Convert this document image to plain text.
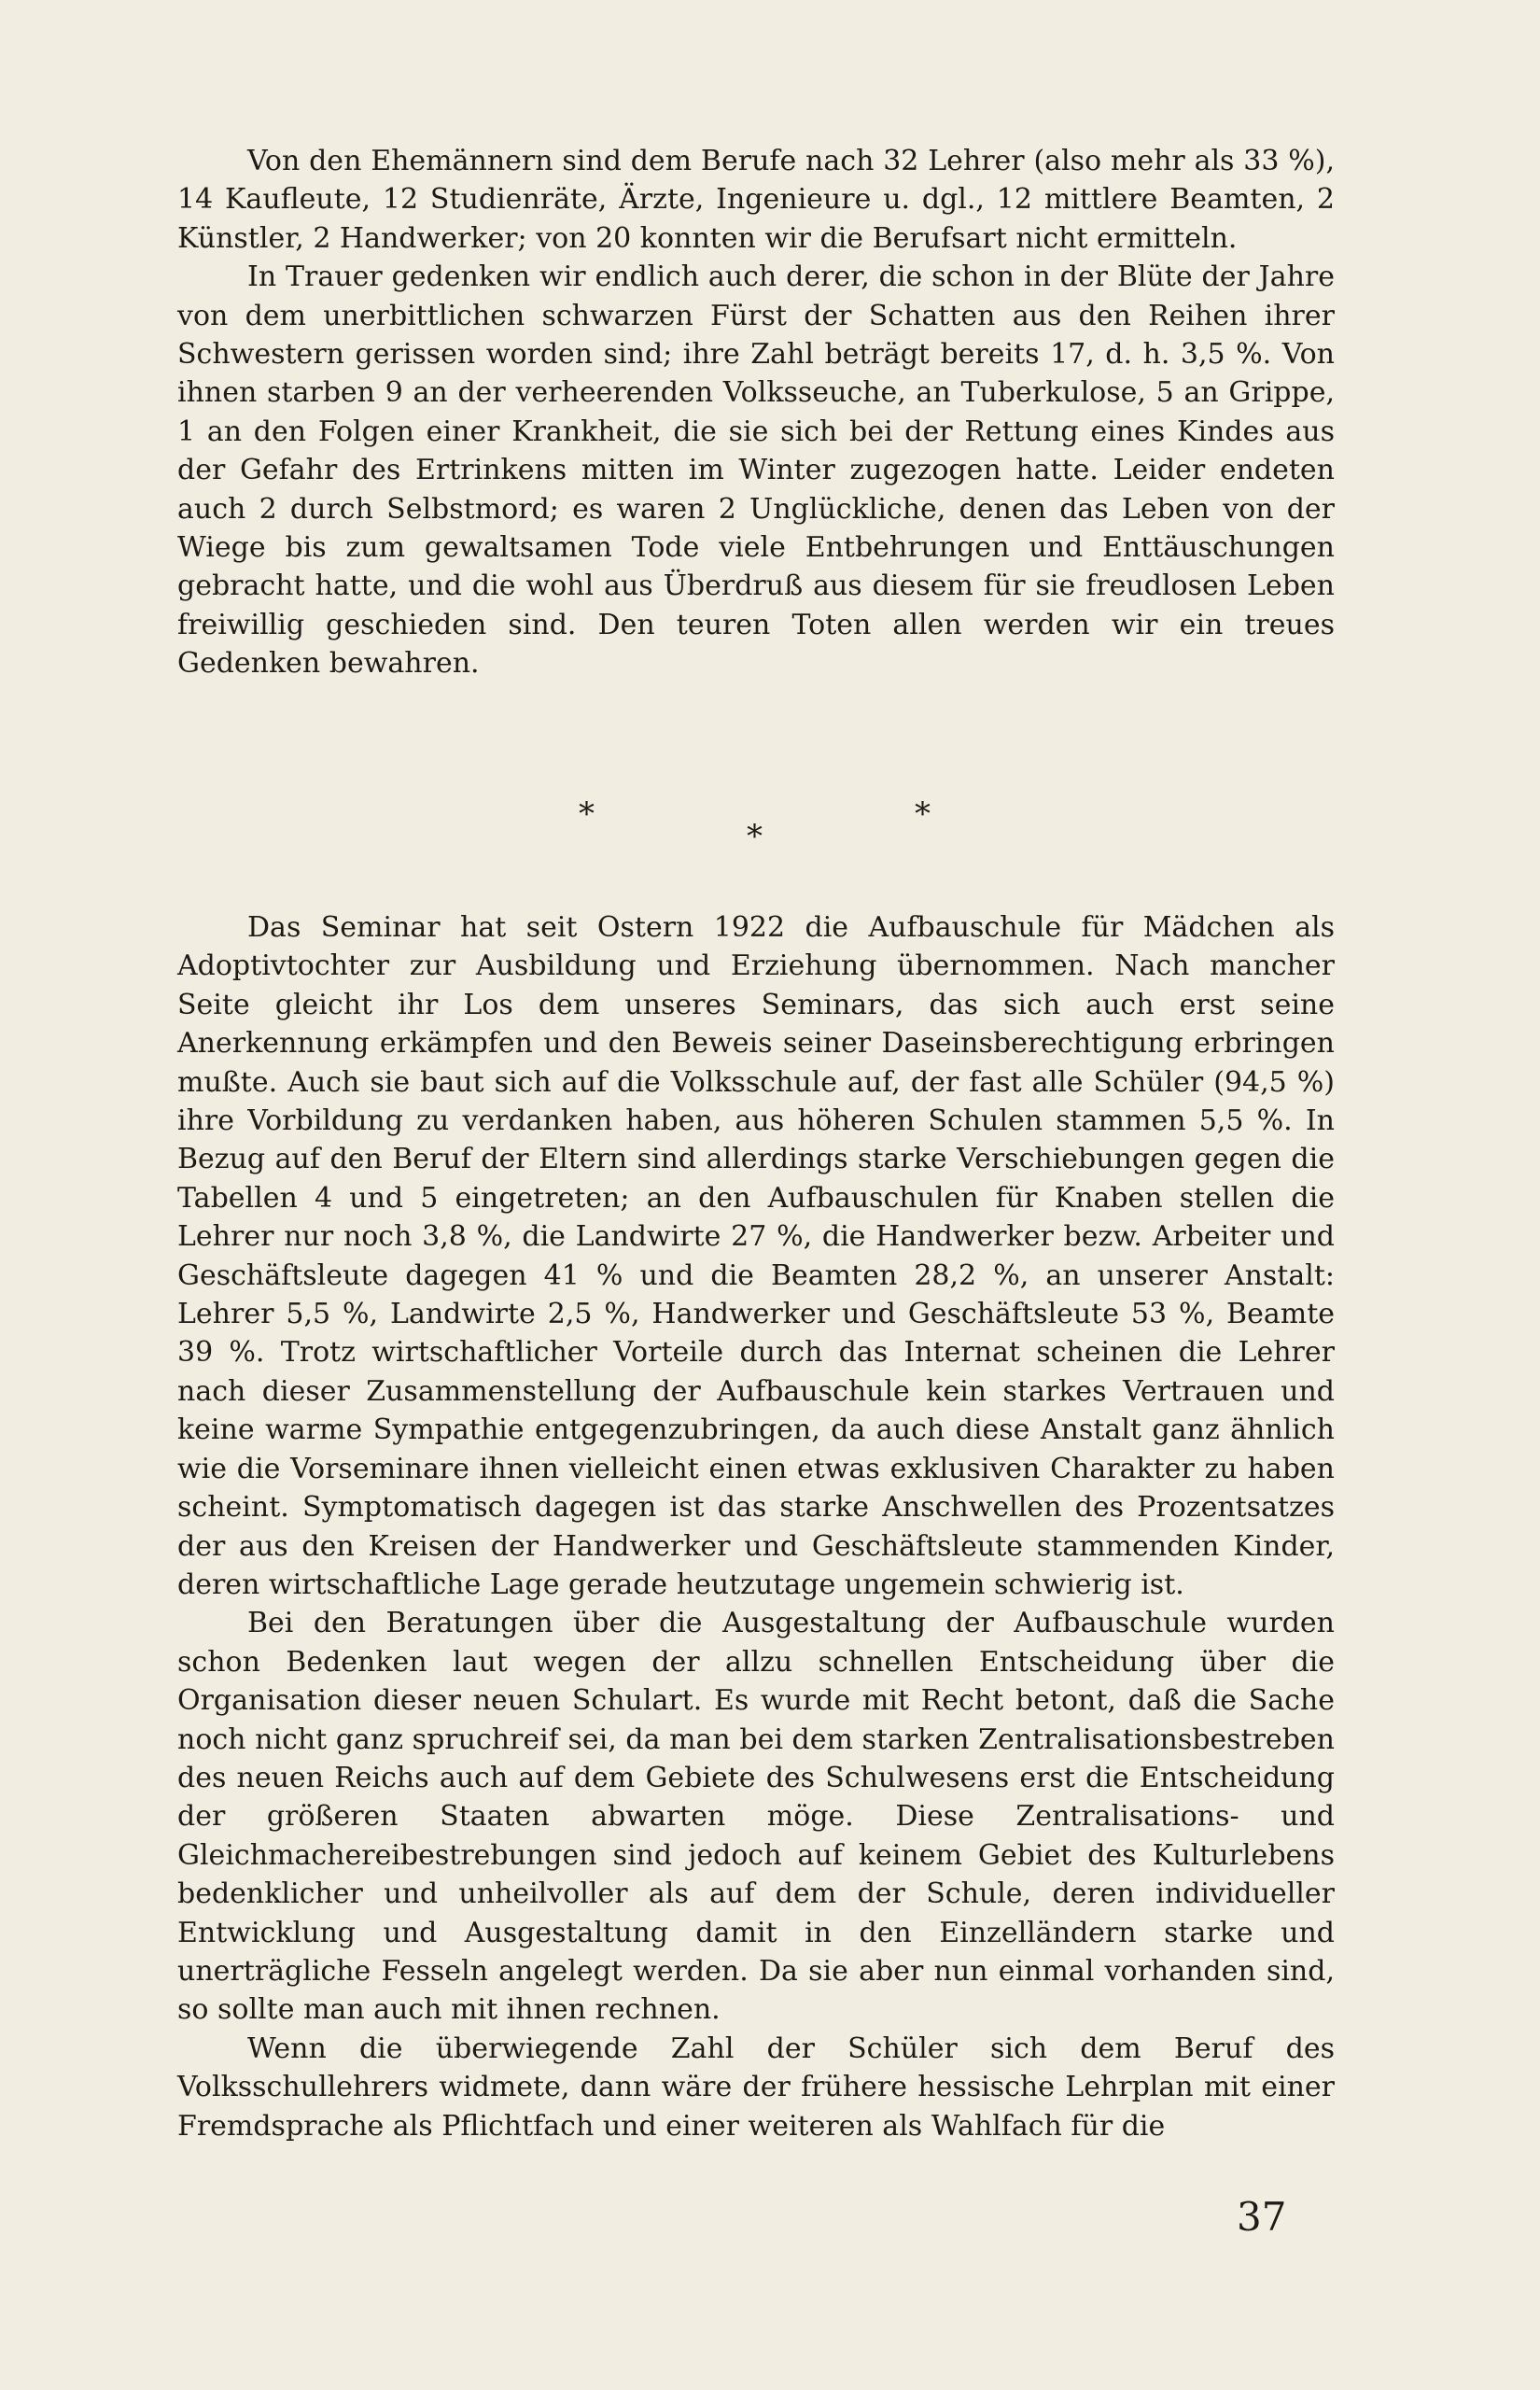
Von den Ehemännern sind dem Berufe nach 32 Lehrer (also mehr als 33 %), 14 Kaufleute, 12 Studienräte, Ärzte, Ingenieure u. dgl., 12 mittlere Beamten, 2 Künstler, 2 Handwerker; von 20 konnten wir die Berufsart nicht ermitteln.

In Trauer gedenken wir endlich auch derer, die schon in der Blüte der Jahre von dem unerbittlichen schwarzen Fürst der Schatten aus den Reihen ihrer Schwestern gerissen worden sind; ihre Zahl beträgt bereits 17, d. h. 3,5 %. Von ihnen starben 9 an der verheerenden Volksseuche, an Tuberkulose, 5 an Grippe, 1 an den Folgen einer Krankheit, die sie sich bei der Rettung eines Kindes aus der Gefahr des Ertrinkens mitten im Winter zugezogen hatte. Leider endeten auch 2 durch Selbstmord; es waren 2 Unglückliche, denen das Leben von der Wiege bis zum gewaltsamen Tode viele Entbehrungen und Enttäuschungen gebracht hatte, und die wohl aus Überdruß aus diesem für sie freudlosen Leben freiwillig geschieden sind. Den teuren Toten allen werden wir ein treues Gedenken bewahren.

*
*
*

Das Seminar hat seit Ostern 1922 die Aufbauschule für Mädchen als Adoptivtochter zur Ausbildung und Erziehung übernommen. Nach mancher Seite gleicht ihr Los dem unseres Seminars, das sich auch erst seine Anerkennung erkämpfen und den Beweis seiner Daseinsberechtigung erbringen mußte. Auch sie baut sich auf die Volksschule auf, der fast alle Schüler (94,5 %) ihre Vorbildung zu verdanken haben, aus höheren Schulen stammen 5,5 %. In Bezug auf den Beruf der Eltern sind allerdings starke Verschiebungen gegen die Tabellen 4 und 5 eingetreten; an den Aufbauschulen für Knaben stellen die Lehrer nur noch 3,8 %, die Landwirte 27 %, die Handwerker bezw. Arbeiter und Geschäftsleute dagegen 41 % und die Beamten 28,2 %, an unserer Anstalt: Lehrer 5,5 %, Landwirte 2,5 %, Handwerker und Geschäftsleute 53 %, Beamte 39 %. Trotz wirtschaftlicher Vorteile durch das Internat scheinen die Lehrer nach dieser Zusammenstellung der Aufbauschule kein starkes Vertrauen und keine warme Sympathie entgegenzubringen, da auch diese Anstalt ganz ähnlich wie die Vorseminare ihnen vielleicht einen etwas exklusiven Charakter zu haben scheint. Symptomatisch dagegen ist das starke Anschwellen des Prozentsatzes der aus den Kreisen der Handwerker und Geschäftsleute stammenden Kinder, deren wirtschaftliche Lage gerade heutzutage ungemein schwierig ist.

Bei den Beratungen über die Ausgestaltung der Aufbauschule wurden schon Bedenken laut wegen der allzu schnellen Entscheidung über die Organisation dieser neuen Schulart. Es wurde mit Recht betont, daß die Sache noch nicht ganz spruchreif sei, da man bei dem starken Zentralisationsbestreben des neuen Reichs auch auf dem Gebiete des Schulwesens erst die Entscheidung der größeren Staaten abwarten möge. Diese Zentralisations- und Gleichmachereibestrebungen sind jedoch auf keinem Gebiet des Kulturlebens bedenklicher und unheilvoller als auf dem der Schule, deren individueller Entwicklung und Ausgestaltung damit in den Einzelländern starke und unerträgliche Fesseln angelegt werden. Da sie aber nun einmal vorhanden sind, so sollte man auch mit ihnen rechnen.

Wenn die überwiegende Zahl der Schüler sich dem Beruf des Volksschullehrers widmete, dann wäre der frühere hessische Lehrplan mit einer Fremdsprache als Pflichtfach und einer weiteren als Wahlfach für die

37
